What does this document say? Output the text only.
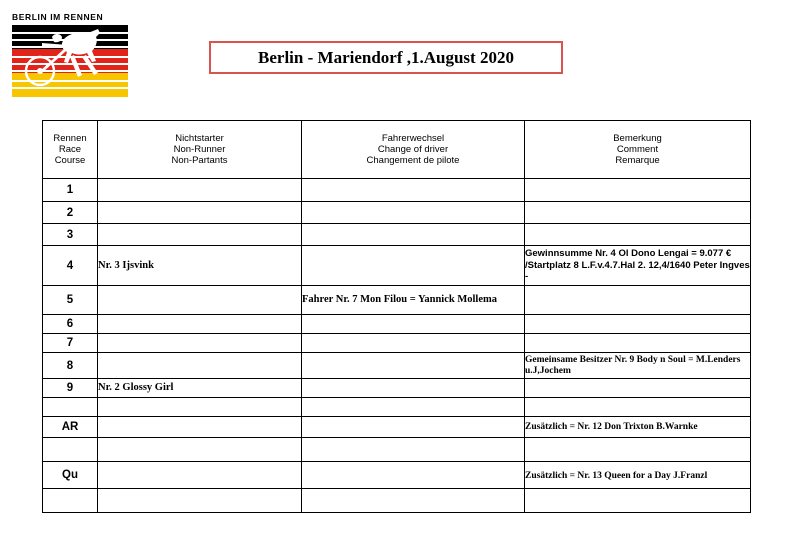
BERLIN IM RENNEN
Berlin - Mariendorf ,1.August 2020
Rennen
Race
Course	Nichtstarter
Non-Runner
Non-Partants	Fahrerwechsel
Change of driver
Changement de pilote	Bemerkung
Comment
Remarque

1			
2			
3			
4	Nr. 3 Ijsvink		Gewinnsumme Nr. 4 Ol Dono Lengai = 9.077 € /Startplatz 8 L.F.v.4.7.Hal 2. 12,4/1640 Peter Ingves -
5		Fahrer Nr. 7 Mon Filou = Yannick Mollema	
6			
7			
8			Gemeinsame Besitzer Nr. 9 Body n Soul = M.Lenders u.J,Jochem
9	Nr. 2 Glossy Girl		

AR			Zusätzlich = Nr. 12 Don Trixton B.Warnke

Qu			Zusätzlich = Nr. 13 Queen for a Day J.Franzl
